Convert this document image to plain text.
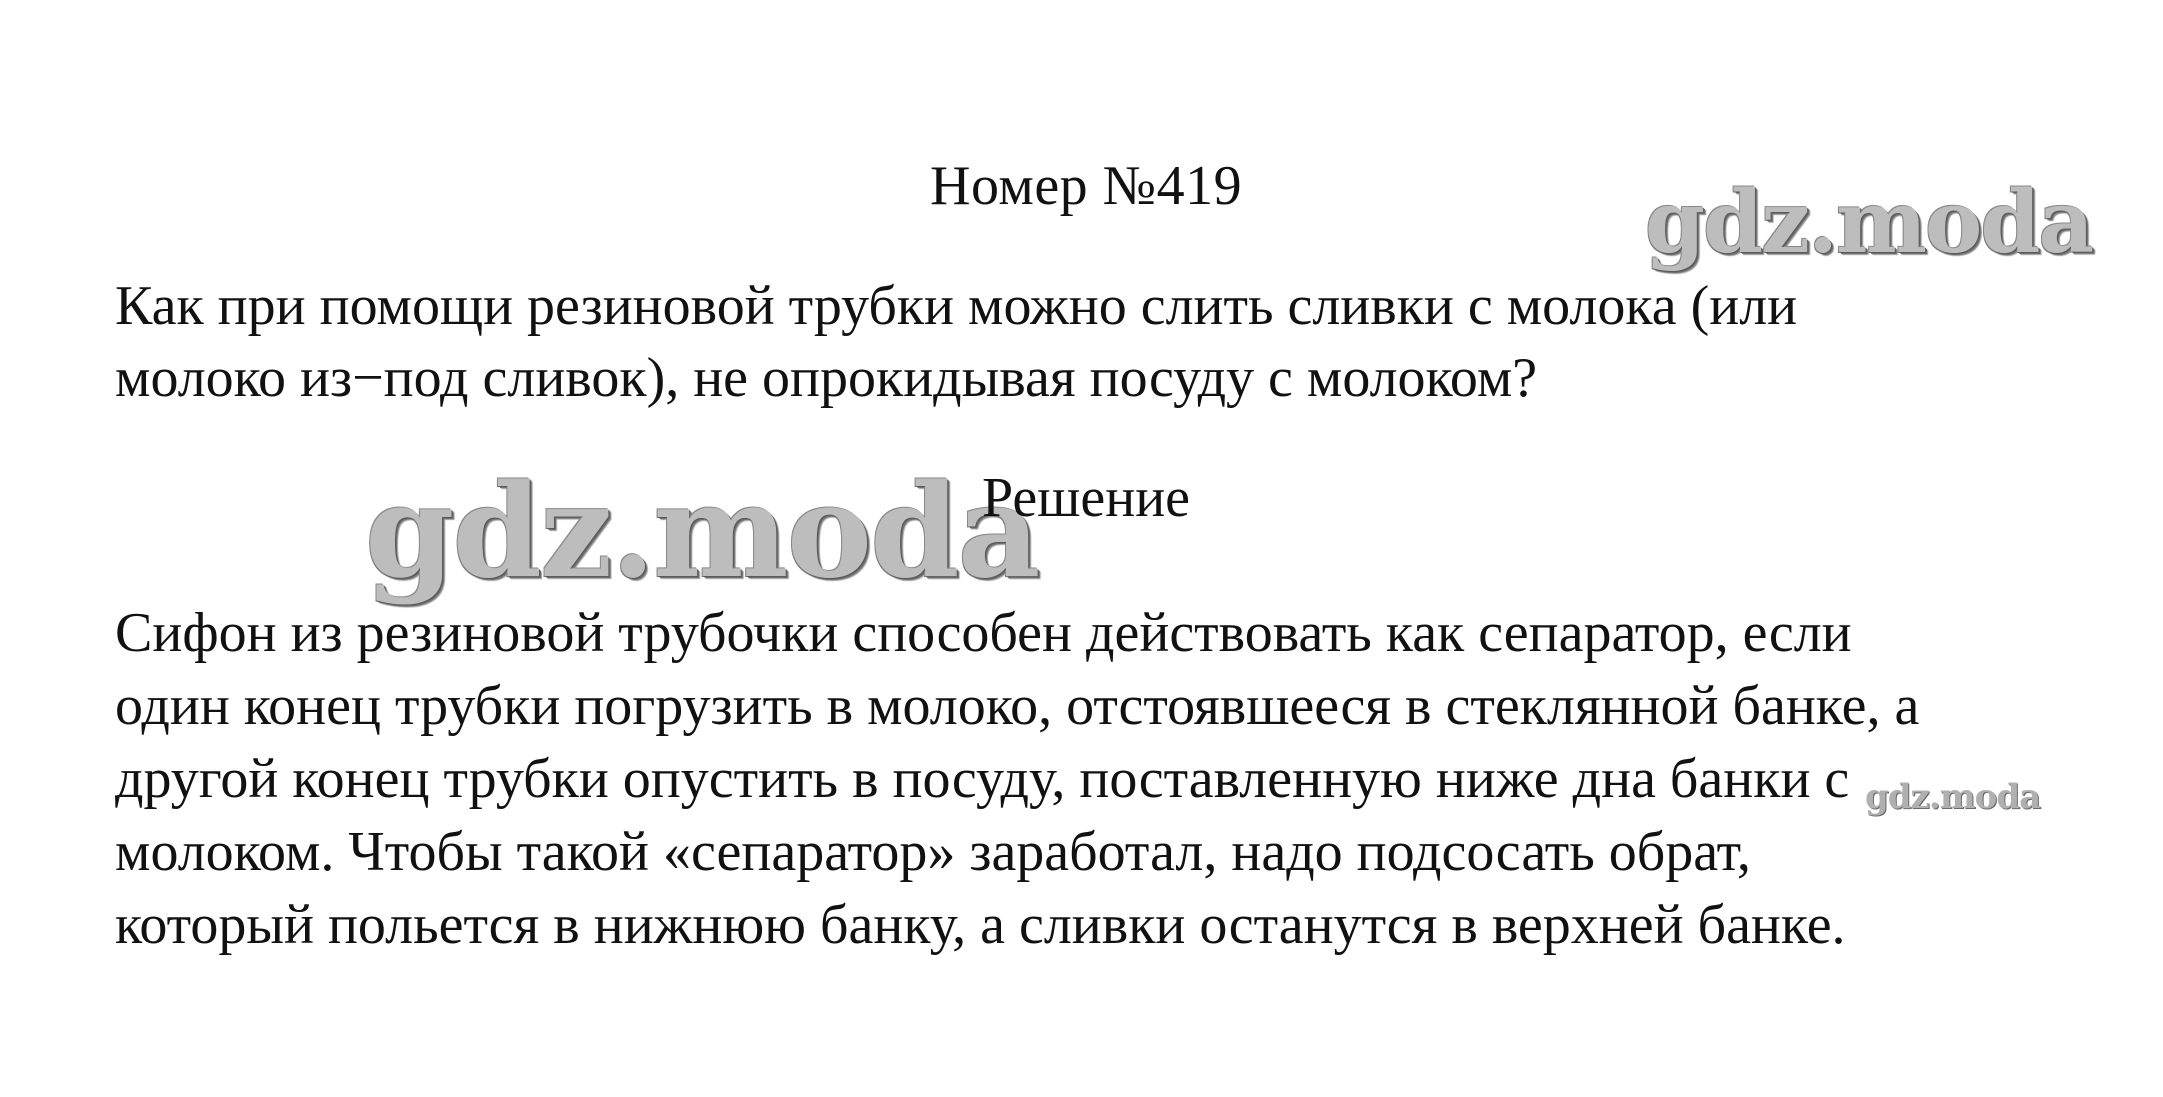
Номер №419	gdz.moda
Как при помощи резиновой трубки можно слить сливки с молока (или
молоко из−под сливок), не опрокидывая посуду с молоком?
gdz.moda
Решение
Сифон из резиновой трубочки способен действовать как сепаратор, если
один конец трубки погрузить в молоко, отстоявшееся в стеклянной банке, а
другой конец трубки опустить в посуду, поставленную ниже дна банки с
молоком. Чтобы такой «сепаратор» заработал, надо подсосать обрат,
который польется в нижнюю банку, а сливки останутся в верхней банке.
gdz.moda
